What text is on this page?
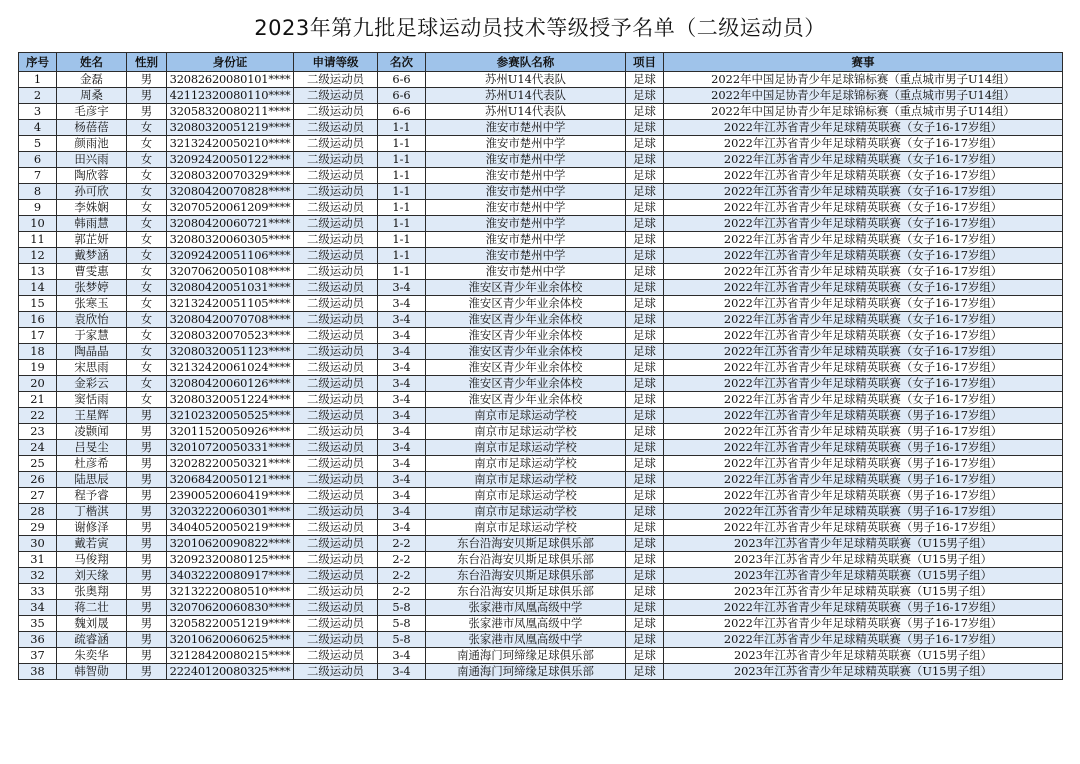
2023年第九批足球运动员技术等级授予名单（二级运动员）
序号	姓名	性别	身份证	申请等级	名次	参赛队名称	项目	赛事
1	金磊	男	32082620080101****	二级运动员	6-6	苏州U14代表队	足球	2022年中国足协青少年足球锦标赛（重点城市男子U14组）
2	周桑	男	42112320080110****	二级运动员	6-6	苏州U14代表队	足球	2022年中国足协青少年足球锦标赛（重点城市男子U14组）
3	毛彦宇	男	32058320080211****	二级运动员	6-6	苏州U14代表队	足球	2022年中国足协青少年足球锦标赛（重点城市男子U14组）
4	杨蓓蓓	女	32080320051219****	二级运动员	1-1	淮安市楚州中学	足球	2022年江苏省青少年足球精英联赛（女子16-17岁组）
5	颜雨池	女	32132420050210****	二级运动员	1-1	淮安市楚州中学	足球	2022年江苏省青少年足球精英联赛（女子16-17岁组）
6	田兴雨	女	32092420050122****	二级运动员	1-1	淮安市楚州中学	足球	2022年江苏省青少年足球精英联赛（女子16-17岁组）
7	陶欣蓉	女	32080320070329****	二级运动员	1-1	淮安市楚州中学	足球	2022年江苏省青少年足球精英联赛（女子16-17岁组）
8	孙可欣	女	32080420070828****	二级运动员	1-1	淮安市楚州中学	足球	2022年江苏省青少年足球精英联赛（女子16-17岁组）
9	李姝娴	女	32070520061209****	二级运动员	1-1	淮安市楚州中学	足球	2022年江苏省青少年足球精英联赛（女子16-17岁组）
10	韩雨慧	女	32080420060721****	二级运动员	1-1	淮安市楚州中学	足球	2022年江苏省青少年足球精英联赛（女子16-17岁组）
11	郭芷妍	女	32080320060305****	二级运动员	1-1	淮安市楚州中学	足球	2022年江苏省青少年足球精英联赛（女子16-17岁组）
12	戴梦涵	女	32092420051106****	二级运动员	1-1	淮安市楚州中学	足球	2022年江苏省青少年足球精英联赛（女子16-17岁组）
13	曹雯惠	女	32070620050108****	二级运动员	1-1	淮安市楚州中学	足球	2022年江苏省青少年足球精英联赛（女子16-17岁组）
14	张梦婷	女	32080420051031****	二级运动员	3-4	淮安区青少年业余体校	足球	2022年江苏省青少年足球精英联赛（女子16-17岁组）
15	张寒玉	女	32132420051105****	二级运动员	3-4	淮安区青少年业余体校	足球	2022年江苏省青少年足球精英联赛（女子16-17岁组）
16	袁欣怡	女	32080420070708****	二级运动员	3-4	淮安区青少年业余体校	足球	2022年江苏省青少年足球精英联赛（女子16-17岁组）
17	于家慧	女	32080320070523****	二级运动员	3-4	淮安区青少年业余体校	足球	2022年江苏省青少年足球精英联赛（女子16-17岁组）
18	陶晶晶	女	32080320051123****	二级运动员	3-4	淮安区青少年业余体校	足球	2022年江苏省青少年足球精英联赛（女子16-17岁组）
19	宋思雨	女	32132420061024****	二级运动员	3-4	淮安区青少年业余体校	足球	2022年江苏省青少年足球精英联赛（女子16-17岁组）
20	金彩云	女	32080420060126****	二级运动员	3-4	淮安区青少年业余体校	足球	2022年江苏省青少年足球精英联赛（女子16-17岁组）
21	窦恬雨	女	32080320051224****	二级运动员	3-4	淮安区青少年业余体校	足球	2022年江苏省青少年足球精英联赛（女子16-17岁组）
22	王星辉	男	32102320050525****	二级运动员	3-4	南京市足球运动学校	足球	2022年江苏省青少年足球精英联赛（男子16-17岁组）
23	凌颢闻	男	32011520050926****	二级运动员	3-4	南京市足球运动学校	足球	2022年江苏省青少年足球精英联赛（男子16-17岁组）
24	吕旻尘	男	32010720050331****	二级运动员	3-4	南京市足球运动学校	足球	2022年江苏省青少年足球精英联赛（男子16-17岁组）
25	杜彦希	男	32028220050321****	二级运动员	3-4	南京市足球运动学校	足球	2022年江苏省青少年足球精英联赛（男子16-17岁组）
26	陆思辰	男	32068420050121****	二级运动员	3-4	南京市足球运动学校	足球	2022年江苏省青少年足球精英联赛（男子16-17岁组）
27	程予睿	男	23900520060419****	二级运动员	3-4	南京市足球运动学校	足球	2022年江苏省青少年足球精英联赛（男子16-17岁组）
28	丁楷淇	男	32032220060301****	二级运动员	3-4	南京市足球运动学校	足球	2022年江苏省青少年足球精英联赛（男子16-17岁组）
29	谢修泽	男	34040520050219****	二级运动员	3-4	南京市足球运动学校	足球	2022年江苏省青少年足球精英联赛（男子16-17岁组）
30	戴若寅	男	32010620090822****	二级运动员	2-2	东台沿海安贝斯足球俱乐部	足球	2023年江苏省青少年足球精英联赛（U15男子组）
31	马俊翔	男	32092320080125****	二级运动员	2-2	东台沿海安贝斯足球俱乐部	足球	2023年江苏省青少年足球精英联赛（U15男子组）
32	刘天缘	男	34032220080917****	二级运动员	2-2	东台沿海安贝斯足球俱乐部	足球	2023年江苏省青少年足球精英联赛（U15男子组）
33	张奥翔	男	32132220080510****	二级运动员	2-2	东台沿海安贝斯足球俱乐部	足球	2023年江苏省青少年足球精英联赛（U15男子组）
34	蒋二壮	男	32070620060830****	二级运动员	5-8	张家港市凤凰高级中学	足球	2022年江苏省青少年足球精英联赛（男子16-17岁组）
35	魏刘晟	男	32058220051219****	二级运动员	5-8	张家港市凤凰高级中学	足球	2022年江苏省青少年足球精英联赛（男子16-17岁组）
36	疏睿涵	男	32010620060625****	二级运动员	5-8	张家港市凤凰高级中学	足球	2022年江苏省青少年足球精英联赛（男子16-17岁组）
37	朱奕华	男	32128420080215****	二级运动员	3-4	南通海门珂缔缘足球俱乐部	足球	2023年江苏省青少年足球精英联赛（U15男子组）
38	韩智勋	男	22240120080325****	二级运动员	3-4	南通海门珂缔缘足球俱乐部	足球	2023年江苏省青少年足球精英联赛（U15男子组）
